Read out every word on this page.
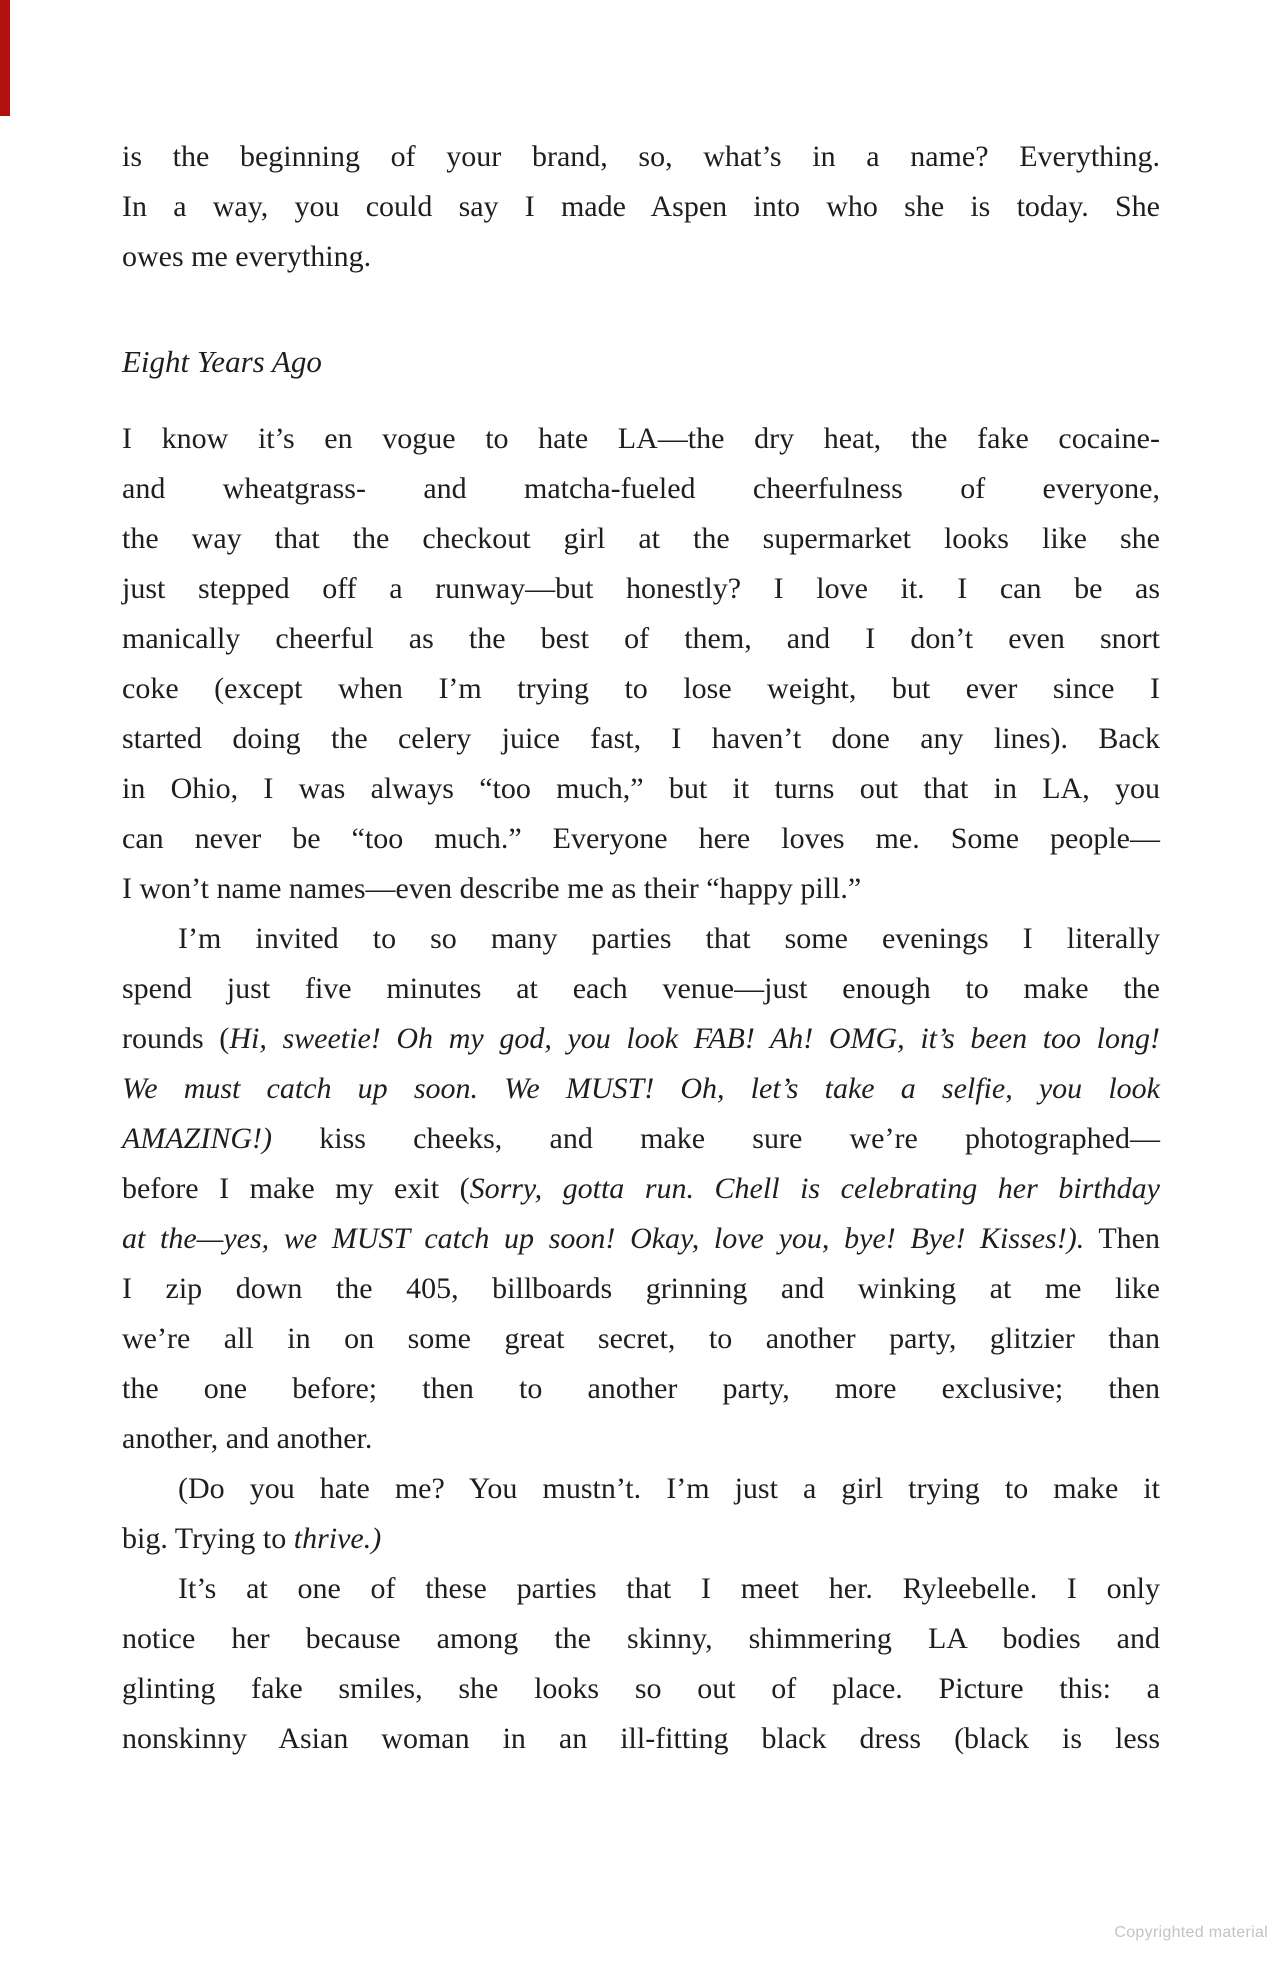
is the beginning of your brand, so, what’s in a name? Everything.
In a way, you could say I made Aspen into who she is today. She
owes me everything.
Eight Years Ago
I know it’s en vogue to hate LA—the dry heat, the fake cocaine-
and wheatgrass- and matcha-fueled cheerfulness of everyone,
the way that the checkout girl at the supermarket looks like she
just stepped off a runway—but honestly? I love it. I can be as
manically cheerful as the best of them, and I don’t even snort
coke (except when I’m trying to lose weight, but ever since I
started doing the celery juice fast, I haven’t done any lines). Back
in Ohio, I was always “too much,” but it turns out that in LA, you
can never be “too much.” Everyone here loves me. Some people—
I won’t name names—even describe me as their “happy pill.”
I’m invited to so many parties that some evenings I literally
spend just five minutes at each venue—just enough to make the
rounds (Hi, sweetie! Oh my god, you look FAB! Ah! OMG, it’s been too long!
We must catch up soon. We MUST! Oh, let’s take a selfie, you look
AMAZING!) kiss cheeks, and make sure we’re photographed—
before I make my exit (Sorry, gotta run. Chell is celebrating her birthday
at the—yes, we MUST catch up soon! Okay, love you, bye! Bye! Kisses!). Then
I zip down the 405, billboards grinning and winking at me like
we’re all in on some great secret, to another party, glitzier than
the one before; then to another party, more exclusive; then
another, and another.
(Do you hate me? You mustn’t. I’m just a girl trying to make it
big. Trying to thrive.)
It’s at one of these parties that I meet her. Ryleebelle. I only
notice her because among the skinny, shimmering LA bodies and
glinting fake smiles, she looks so out of place. Picture this: a
nonskinny Asian woman in an ill-fitting black dress (black is less
Copyrighted material
